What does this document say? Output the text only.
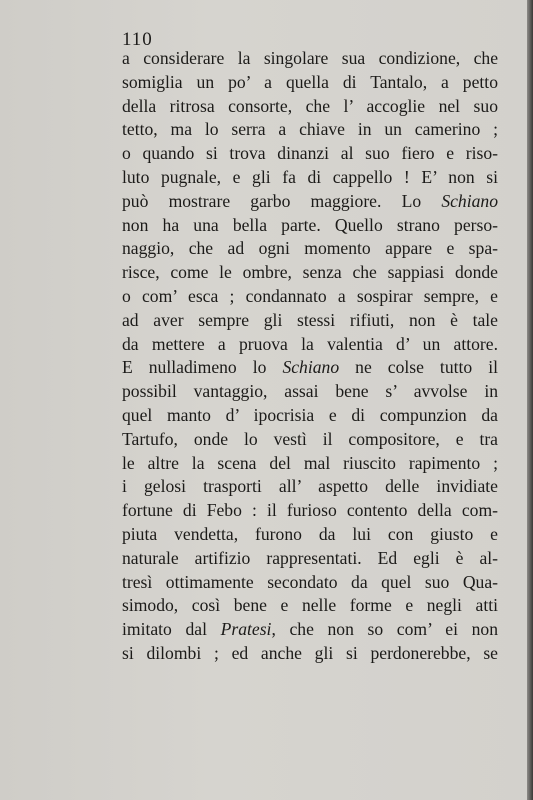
110
a considerare la singolare sua condizione, che
somiglia un po’ a quella di Tantalo, a petto
della ritrosa consorte, che l’ accoglie nel suo
tetto, ma lo serra a chiave in un camerino ;
o quando si trova dinanzi al suo fiero e riso-
luto pugnale, e gli fa di cappello ! E’ non si
può mostrare garbo maggiore. Lo Schiano
non ha una bella parte. Quello strano perso-
naggio, che ad ogni momento appare e spa-
risce, come le ombre, senza che sappiasi donde
o com’ esca ; condannato a sospirar sempre, e
ad aver sempre gli stessi rifiuti, non è tale
da mettere a pruova la valentia d’ un attore.
E nulladimeno lo Schiano ne colse tutto il
possibil vantaggio, assai bene s’ avvolse in
quel manto d’ ipocrisia e di compunzion da
Tartufo, onde lo vestì il compositore, e tra
le altre la scena del mal riuscito rapimento ;
i gelosi trasporti all’ aspetto delle invidiate
fortune di Febo : il furioso contento della com-
piuta vendetta, furono da lui con giusto e
naturale artifizio rappresentati. Ed egli è al-
tresì ottimamente secondato da quel suo Qua-
simodo, così bene e nelle forme e negli atti
imitato dal Pratesi, che non so com’ ei non
si dilombi ; ed anche gli si perdonerebbe, se
